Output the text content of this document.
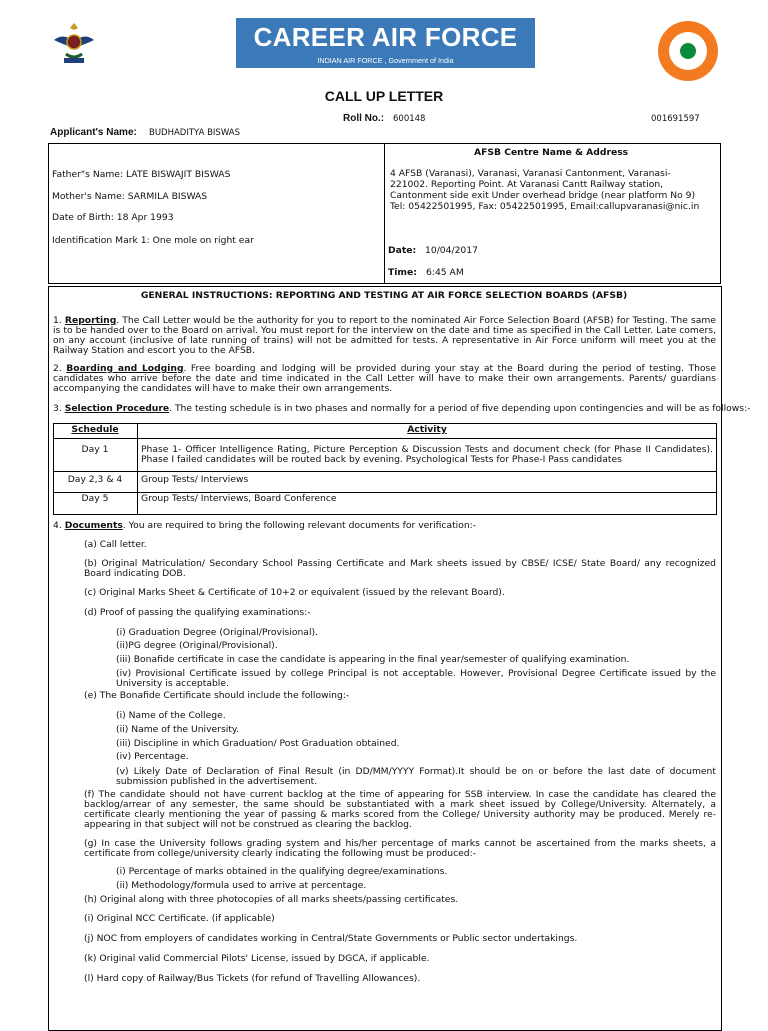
CAREER AIR FORCE
INDIAN AIR FORCE , Government of India
CALL UP LETTER
Roll No.: 600148	001691597
Applicant's Name: BUDHADITYA BISWAS
Father"s Name: LATE BISWAJIT BISWAS
Mother's Name: SARMILA BISWAS
Date of Birth: 18 Apr 1993
Identification Mark 1: One mole on right ear
AFSB Centre Name & Address
4 AFSB (Varanasi), Varanasi, Varanasi Cantonment, Varanasi-
221002. Reporting Point. At Varanasi Cantt Railway station,
Cantonment side exit Under overhead bridge (near platform No 9)
Tel: 05422501995, Fax: 05422501995, Email:callupvaranasi@nic.in
Date: 10/04/2017
Time: 6:45 AM
GENERAL INSTRUCTIONS: REPORTING AND TESTING AT AIR FORCE SELECTION BOARDS (AFSB)
1. Reporting. The Call Letter would be the authority for you to report to the nominated Air Force Selection Board (AFSB) for Testing. The same is to be handed over to the Board on arrival. You must report for the interview on the date and time as specified in the Call Letter. Late comers, on any account (inclusive of late running of trains) will not be admitted for tests. A representative in Air Force uniform will meet you at the Railway Station and escort you to the AFSB.
2. Boarding and Lodging. Free boarding and lodging will be provided during your stay at the Board during the period of testing. Those candidates who arrive before the date and time indicated in the Call Letter will have to make their own arrangements. Parents/ guardians accompanying the candidates will have to make their own arrangements.
3. Selection Procedure. The testing schedule is in two phases and normally for a period of five depending upon contingencies and will be as follows:-
Schedule	Activity
Day 1	Phase 1- Officer Intelligence Rating, Picture Perception & Discussion Tests and document check (for Phase II Candidates). Phase I failed candidates will be routed back by evening. Psychological Tests for Phase-I Pass candidates
Day 2,3 & 4	Group Tests/ Interviews
Day 5	Group Tests/ Interviews, Board Conference
4. Documents. You are required to bring the following relevant documents for verification:-
(a) Call letter.
(b) Original Matriculation/ Secondary School Passing Certificate and Mark sheets issued by CBSE/ ICSE/ State Board/ any recognized Board indicating DOB.
(c) Original Marks Sheet & Certificate of 10+2 or equivalent (issued by the relevant Board).
(d) Proof of passing the qualifying examinations:-
(i) Graduation Degree (Original/Provisional).
(ii)PG degree (Original/Provisional).
(iii) Bonafide certificate in case the candidate is appearing in the final year/semester of qualifying examination.
(iv) Provisional Certificate issued by college Principal is not acceptable. However, Provisional Degree Certificate issued by the University is acceptable.
(e) The Bonafide Certificate should include the following:-
(i) Name of the College.
(ii) Name of the University.
(iii) Discipline in which Graduation/ Post Graduation obtained.
(iv) Percentage.
(v) Likely Date of Declaration of Final Result (in DD/MM/YYYY Format).It should be on or before the last date of document submission published in the advertisement.
(f) The candidate should not have current backlog at the time of appearing for SSB interview. In case the candidate has cleared the backlog/arrear of any semester, the same should be substantiated with a mark sheet issued by College/University. Alternately, a certificate clearly mentioning the year of passing & marks scored from the College/ University authority may be produced. Merely re-appearing in that subject will not be construed as clearing the backlog.
(g) In case the University follows grading system and his/her percentage of marks cannot be ascertained from the marks sheets, a certificate from college/university clearly indicating the following must be produced:-
(i) Percentage of marks obtained in the qualifying degree/examinations.
(ii) Methodology/formula used to arrive at percentage.
(h) Original along with three photocopies of all marks sheets/passing certificates.
(i) Original NCC Certificate. (if applicable)
(j) NOC from employers of candidates working in Central/State Governments or Public sector undertakings.
(k) Original valid Commercial Pilots' License, issued by DGCA, if applicable.
(l) Hard copy of Railway/Bus Tickets (for refund of Travelling Allowances).
